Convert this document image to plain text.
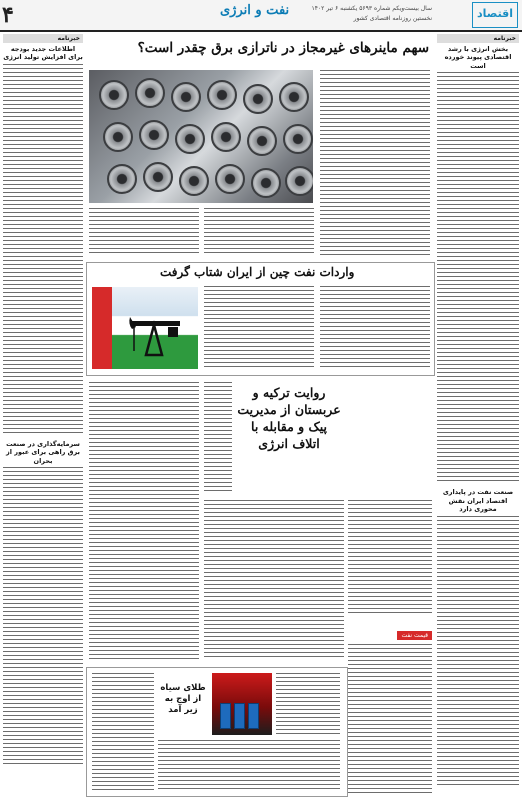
۴	نفت و انرژی	سال بیست‌ویکم شماره ۵۶۹۳ یکشنبه ۶ تیر ۱۴۰۲
نخستین روزنامه اقتصادی کشور	اقتصاد
خبرنامه
بخش انرژی با رشد اقتصادی پیوند خورده است
صنعت نفت در پایداری اقتصاد ایران نقش محوری دارد
خبرنامه
اطلاعات جدید بودجه برای افزایش تولید انرژی
سرمایه‌گذاری در صنعت برق راهی برای عبور از بحران
سهم ماینرهای غیرمجاز در ناترازی برق چقدر است؟
واردات نفت چین از ایران شتاب گرفت
روایت ترکیه و عربستان از مدیریت پیک و مقابله با اتلاف انرژی
قیمت نفت
طلای سیاه از اوج به زیر آمد
